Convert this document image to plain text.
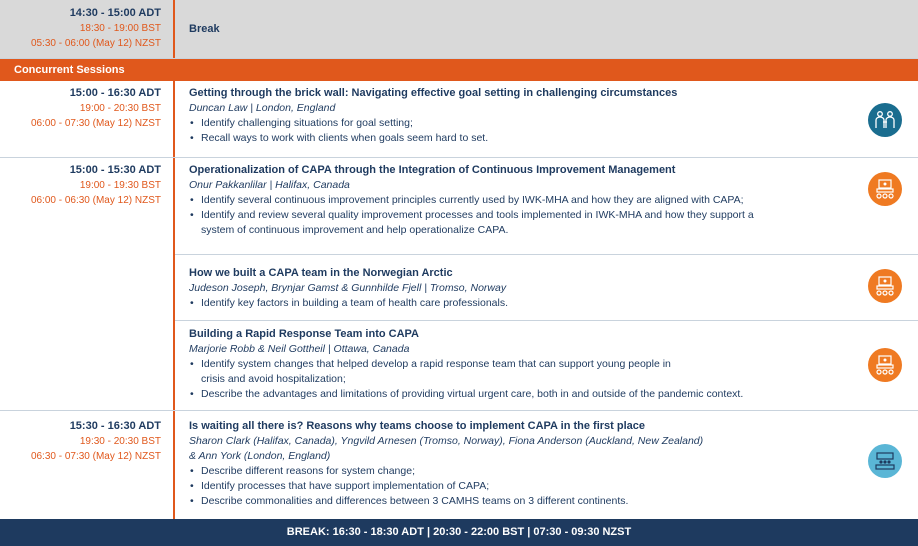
14:30 - 15:00 ADT
18:30 - 19:00 BST
05:30 - 06:00 (May 12) NZST
Break
Concurrent Sessions
15:00 - 16:30 ADT
19:00 - 20:30 BST
06:00 - 07:30 (May 12) NZST
Getting through the brick wall: Navigating effective goal setting in challenging circumstances
Duncan Law | London, England
• Identify challenging situations for goal setting;
• Recall ways to work with clients when goals seem hard to set.
15:00 - 15:30 ADT
19:00 - 19:30 BST
06:00 - 06:30 (May 12) NZST
Operationalization of CAPA through the Integration of Continuous Improvement Management
Onur Pakkanlilar | Halifax, Canada
• Identify several continuous improvement principles currently used by IWK-MHA and how they are aligned with CAPA;
• Identify and review several quality improvement processes and tools implemented in IWK-MHA and how they support a
system of continuous improvement and help operationalize CAPA.
How we built a CAPA team in the Norwegian Arctic
Judeson Joseph, Brynjar Gamst & Gunnhilde Fjell | Tromso, Norway
• Identify key factors in building a team of health care professionals.
Building a Rapid Response Team into CAPA
Marjorie Robb & Neil Gottheil | Ottawa, Canada
• Identify system changes that helped develop a rapid response team that can support young people in
crisis and avoid hospitalization;
• Describe the advantages and limitations of providing virtual urgent care, both in and outside of the pandemic context.
15:30 - 16:30 ADT
19:30 - 20:30 BST
06:30 - 07:30 (May 12) NZST
Is waiting all there is? Reasons why teams choose to implement CAPA in the first place
Sharon Clark (Halifax, Canada), Yngvild Arnesen (Tromso, Norway), Fiona Anderson (Auckland, New Zealand)
& Ann York (London, England)
• Describe different reasons for system change;
• Identify processes that have support implementation of CAPA;
• Describe commonalities and differences between 3 CAMHS teams on 3 different continents.
BREAK: 16:30 - 18:30 ADT | 20:30 - 22:00 BST | 07:30 - 09:30 NZST
